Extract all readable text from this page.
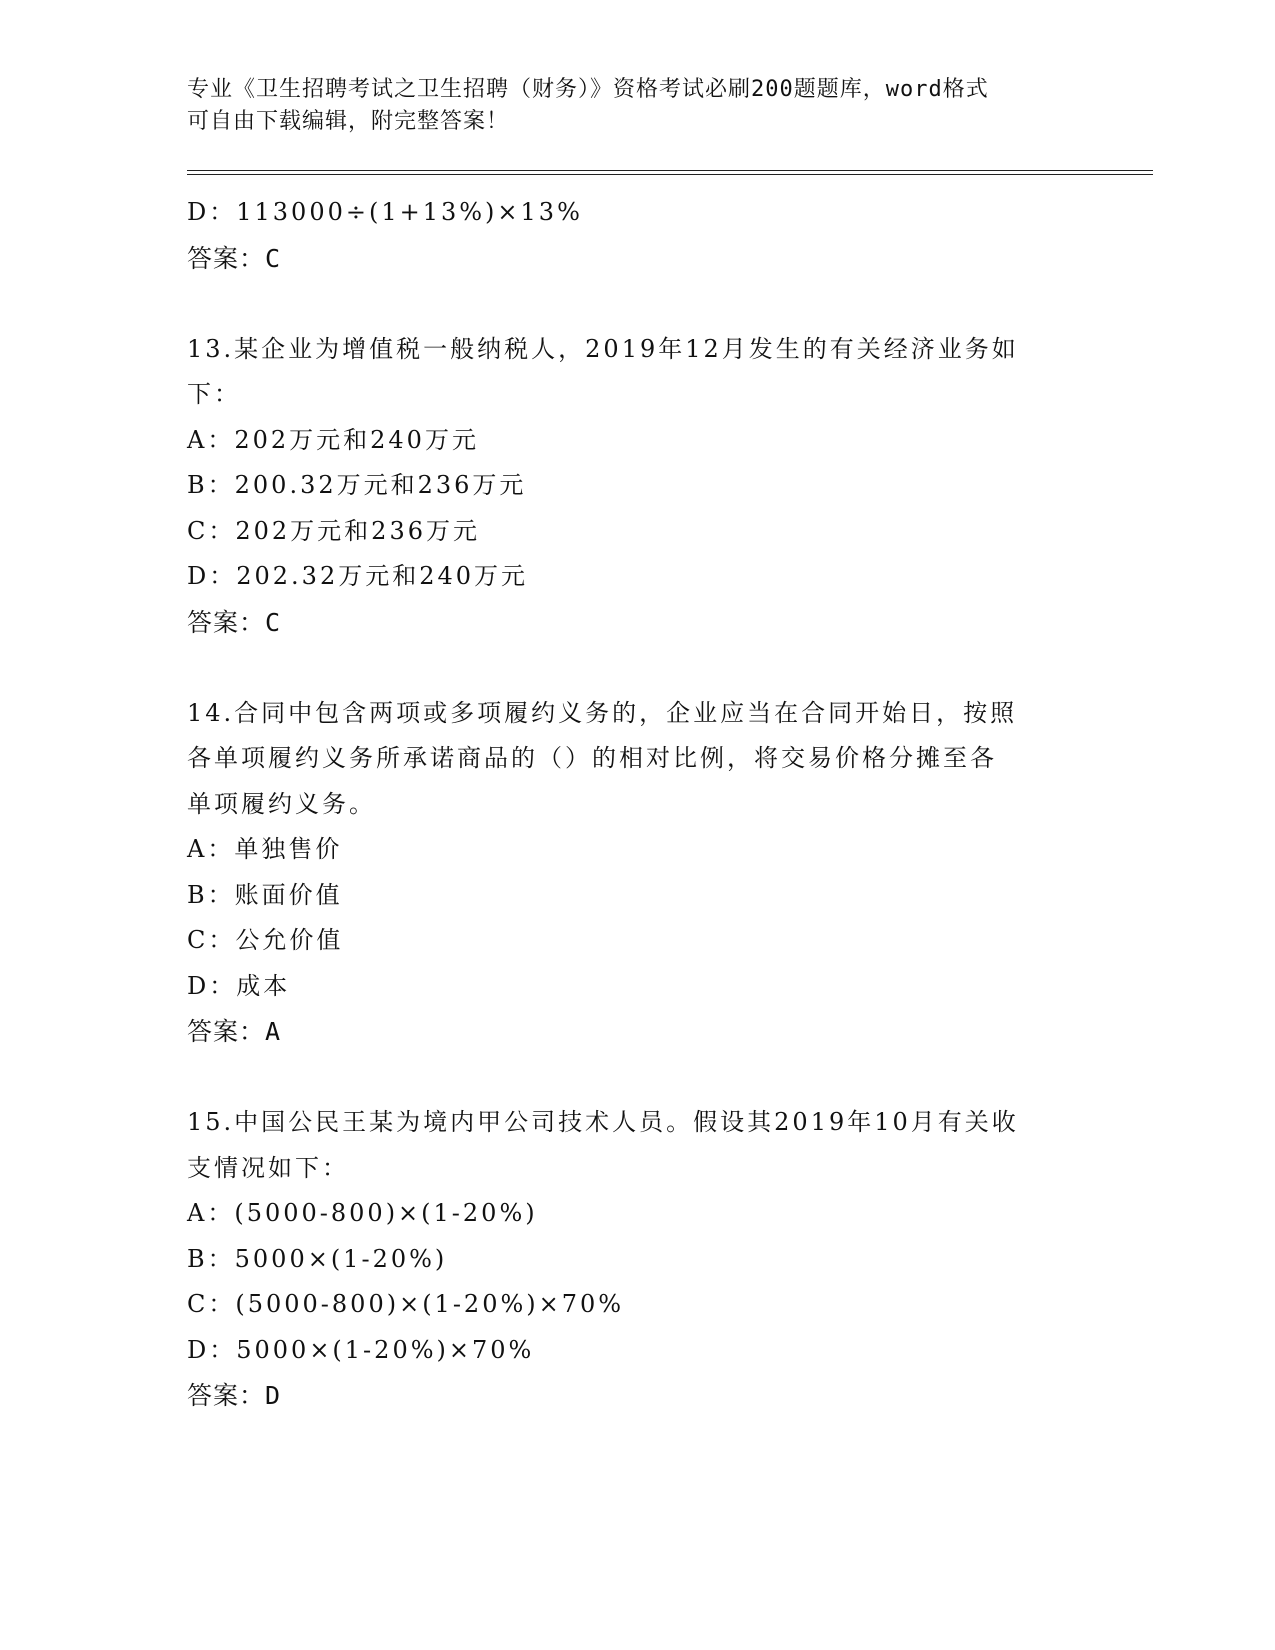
专业《卫生招聘考试之卫生招聘（财务）》资格考试必刷200题题库，word格式
可自由下载编辑，附完整答案！
D：113000÷(1+13%)×13%
答案：C
13.某企业为增值税一般纳税人，2019年12月发生的有关经济业务如
下：
A：202万元和240万元
B：200.32万元和236万元
C：202万元和236万元
D：202.32万元和240万元
答案：C
14.合同中包含两项或多项履约义务的，企业应当在合同开始日，按照
各单项履约义务所承诺商品的（）的相对比例，将交易价格分摊至各
单项履约义务。
A：单独售价
B：账面价值
C：公允价值
D：成本
答案：A
15.中国公民王某为境内甲公司技术人员。假设其2019年10月有关收
支情况如下：
A：(5000-800)×(1-20%)
B：5000×(1-20%)
C：(5000-800)×(1-20%)×70%
D：5000×(1-20%)×70%
答案：D
